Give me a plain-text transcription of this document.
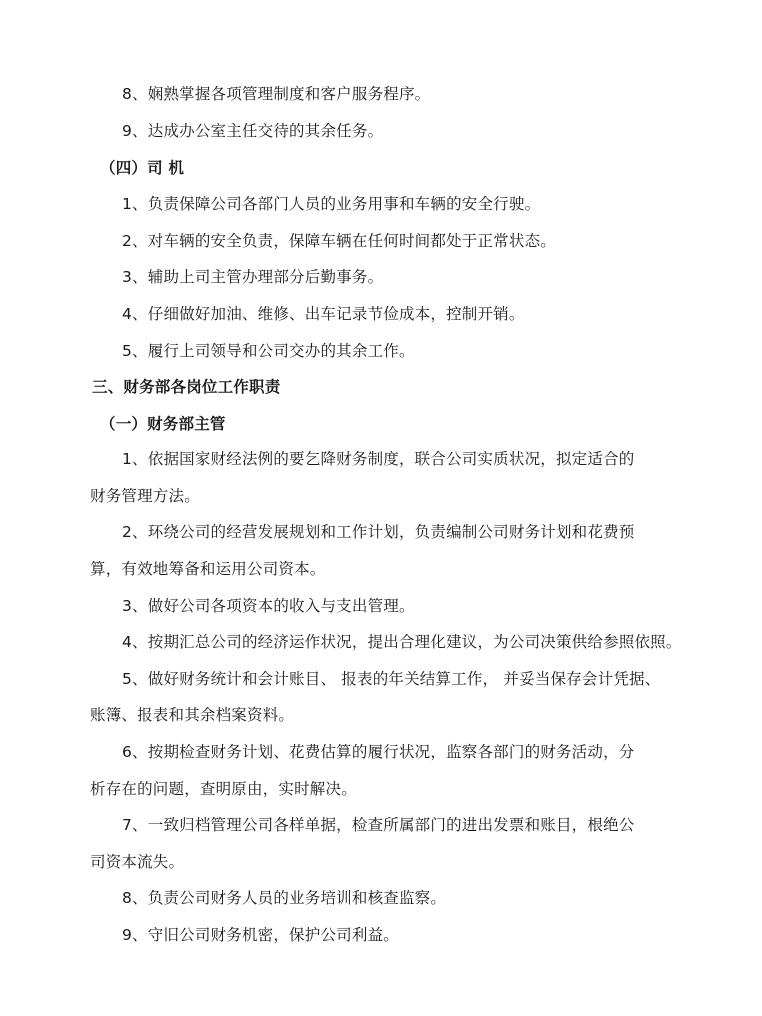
8、娴熟掌握各项管理制度和客户服务程序。
9、达成办公室主任交待的其余任务。
（四）司 机
1、负责保障公司各部门人员的业务用事和车辆的安全行驶。
2、对车辆的安全负责，保障车辆在任何时间都处于正常状态。
3、辅助上司主管办理部分后勤事务。
4、仔细做好加油、维修、出车记录节俭成本，控制开销。
5、履行上司领导和公司交办的其余工作。
三、财务部各岗位工作职责
（一）财务部主管
1、依据国家财经法例的要乞降财务制度，联合公司实质状况，拟定适合的
财务管理方法。
2、环绕公司的经营发展规划和工作计划，负责编制公司财务计划和花费预
算，有效地筹备和运用公司资本。
3、做好公司各项资本的收入与支出管理。
4、按期汇总公司的经济运作状况，提出合理化建议，为公司决策供给参照依照。
5、做好财务统计和会计账目、 报表的年关结算工作， 并妥当保存会计凭据、
账簿、报表和其余档案资料。
6、按期检查财务计划、花费估算的履行状况，监察各部门的财务活动，分
析存在的问题，查明原由，实时解决。
7、一致归档管理公司各样单据，检查所属部门的进出发票和账目，根绝公
司资本流失。
8、负责公司财务人员的业务培训和核查监察。
9、守旧公司财务机密，保护公司利益。
